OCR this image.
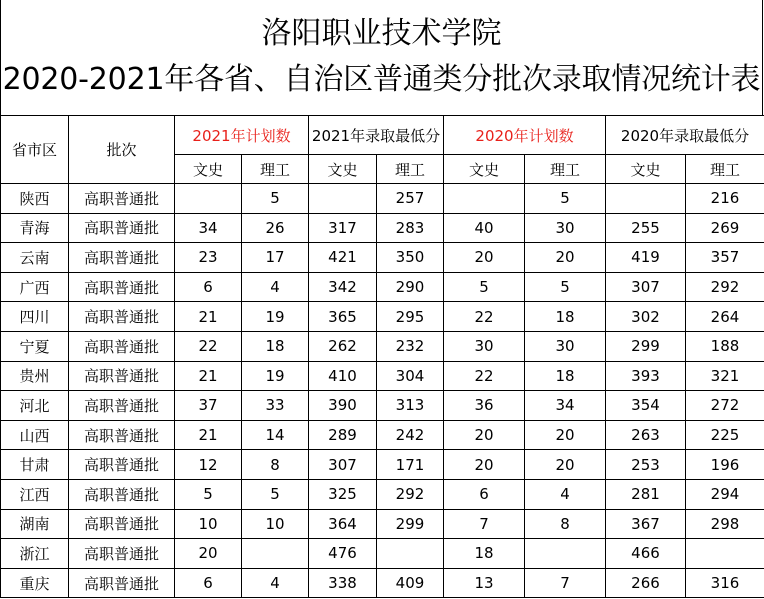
洛阳职业技术学院
2020-2021年各省、自治区普通类分批次录取情况统计表
省市区	批次	2021年计划数		2021年录取最低分		2020年计划数		2020年录取最低分	
		文史	理工	文史	理工	文史	理工	文史	理工
陕西	高职普通批		5		257		5		216
青海	高职普通批	34	26	317	283	40	30	255	269
云南	高职普通批	23	17	421	350	20	20	419	357
广西	高职普通批	6	4	342	290	5	5	307	292
四川	高职普通批	21	19	365	295	22	18	302	264
宁夏	高职普通批	22	18	262	232	30	30	299	188
贵州	高职普通批	21	19	410	304	22	18	393	321
河北	高职普通批	37	33	390	313	36	34	354	272
山西	高职普通批	21	14	289	242	20	20	263	225
甘肃	高职普通批	12	8	307	171	20	20	253	196
江西	高职普通批	5	5	325	292	6	4	281	294
湖南	高职普通批	10	10	364	299	7	8	367	298
浙江	高职普通批	20		476		18		466	
重庆	高职普通批	6	4	338	409	13	7	266	316
